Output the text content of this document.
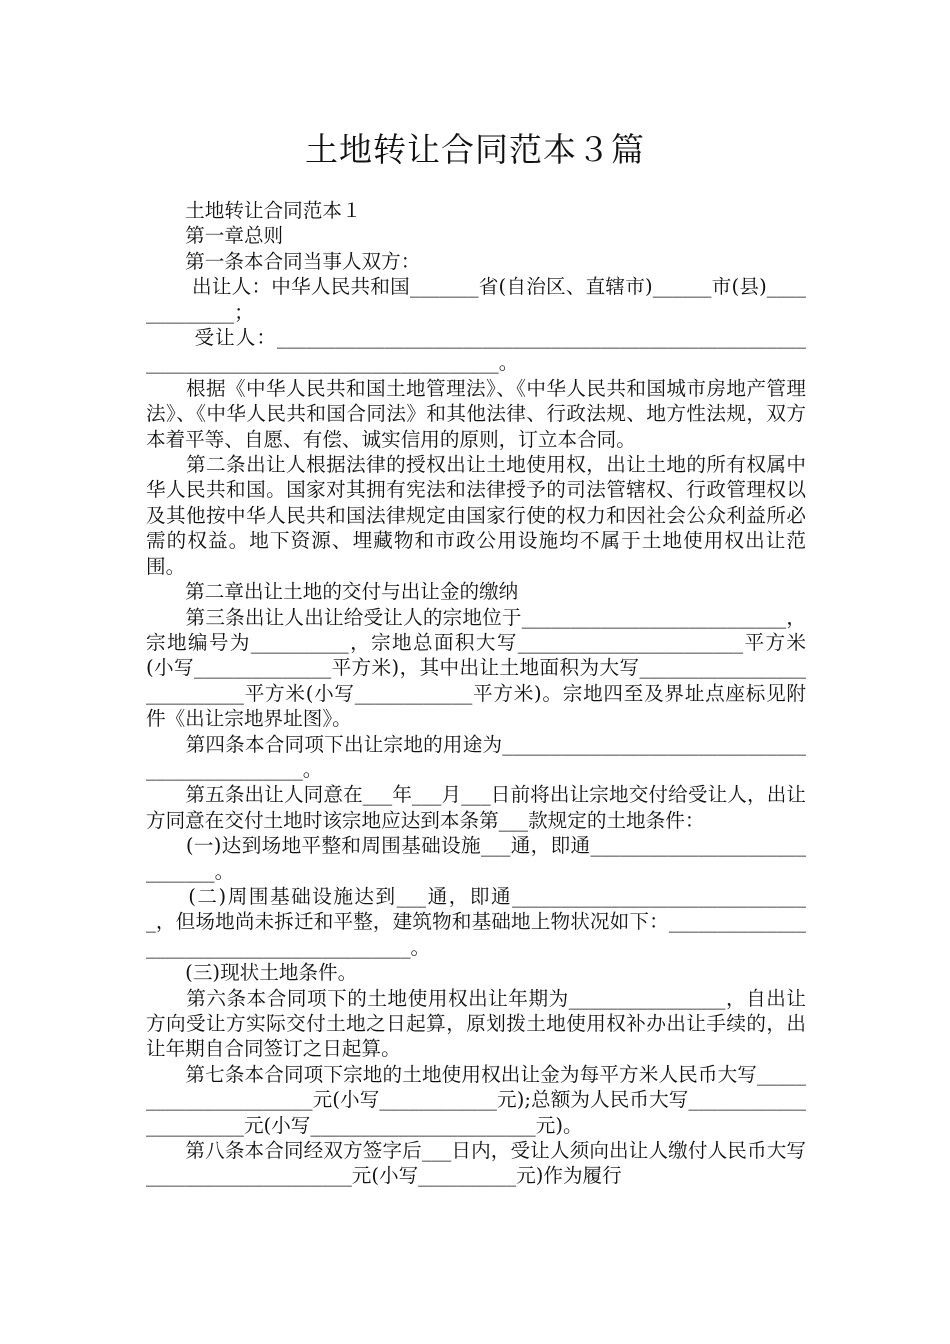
土地转让合同范本３篇

　　土地转让合同范本１

　　第一章总则

　　第一条本合同当事人双方：

　　 出让人：中华人民共和国_______省(自治区、直辖市)______市(县)_____________；

　　 受让人：__________________________________________________________________________________________。

　　根据《中华人民共和国土地管理法》、《中华人民共和国城市房地产管理法》、《中华人民共和国合同法》和其他法律、行政法规、地方性法规，双方本着平等、自愿、有偿、诚实信用的原则，订立本合同。

　　第二条出让人根据法律的授权出让土地使用权，出让土地的所有权属中华人民共和国。国家对其拥有宪法和法律授予的司法管辖权、行政管理权以及其他按中华人民共和国法律规定由国家行使的权力和因社会公众利益所必需的权益。地下资源、埋藏物和市政公用设施均不属于土地使用权出让范围。

　　第二章出让土地的交付与出让金的缴纳

　　第三条出让人出让给受让人的宗地位于___________________________，宗地编号为__________，宗地总面积大写_______________________平方米(小写______________平方米)，其中出让土地面积为大写___________________________平方米(小写____________平方米)。宗地四至及界址点座标见附件《出让宗地界址图》。

　　第四条本合同项下出让宗地的用途为_______________________________________________。

　　第五条出让人同意在___年___月___日前将出让宗地交付给受让人，出让方同意在交付土地时该宗地应达到本条第___款规定的土地条件：

　　(一)达到场地平整和周围基础设施___通，即通_____________________________。

　　(二)周围基础设施达到___通，即通_______________________________，但场地尚未拆迁和平整，建筑物和基础地上物状况如下：_________________________________________。

　　(三)现状土地条件。

　　第六条本合同项下的土地使用权出让年期为________________，自出让方向受让方实际交付土地之日起算，原划拨土地使用权补办出让手续的，出让年期自合同签订之日起算。

　　第七条本合同项下宗地的土地使用权出让金为每平方米人民币大写______________________元(小写____________元);总额为人民币大写______________________元(小写_______________________元)。

　　第八条本合同经双方签字后___日内，受让人须向出让人缴付人民币大写_____________________元(小写__________元)作为履行
